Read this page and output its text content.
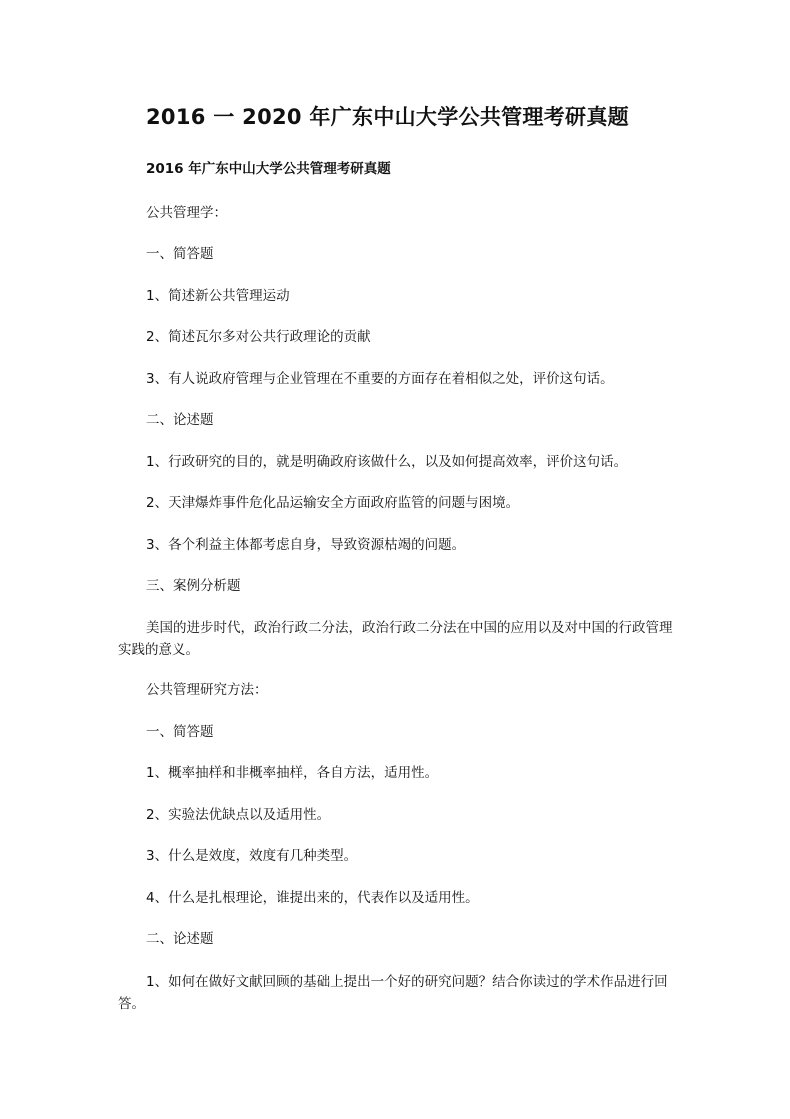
2016 一 2020 年广东中山大学公共管理考研真题
2016 年广东中山大学公共管理考研真题
公共管理学：
一、简答题
1、简述新公共管理运动
2、简述瓦尔多对公共行政理论的贡献
3、有人说政府管理与企业管理在不重要的方面存在着相似之处，评价这句话。
二、论述题
1、行政研究的目的，就是明确政府该做什么，以及如何提高效率，评价这句话。
2、天津爆炸事件危化品运输安全方面政府监管的问题与困境。
3、各个利益主体都考虑自身，导致资源枯竭的问题。
三、案例分析题
美国的进步时代，政治行政二分法，政治行政二分法在中国的应用以及对中国的行政管理实践的意义。
公共管理研究方法：
一、简答题
1、概率抽样和非概率抽样，各自方法，适用性。
2、实验法优缺点以及适用性。
3、什么是效度，效度有几种类型。
4、什么是扎根理论，谁提出来的，代表作以及适用性。
二、论述题
1、如何在做好文献回顾的基础上提出一个好的研究问题？结合你读过的学术作品进行回答。
